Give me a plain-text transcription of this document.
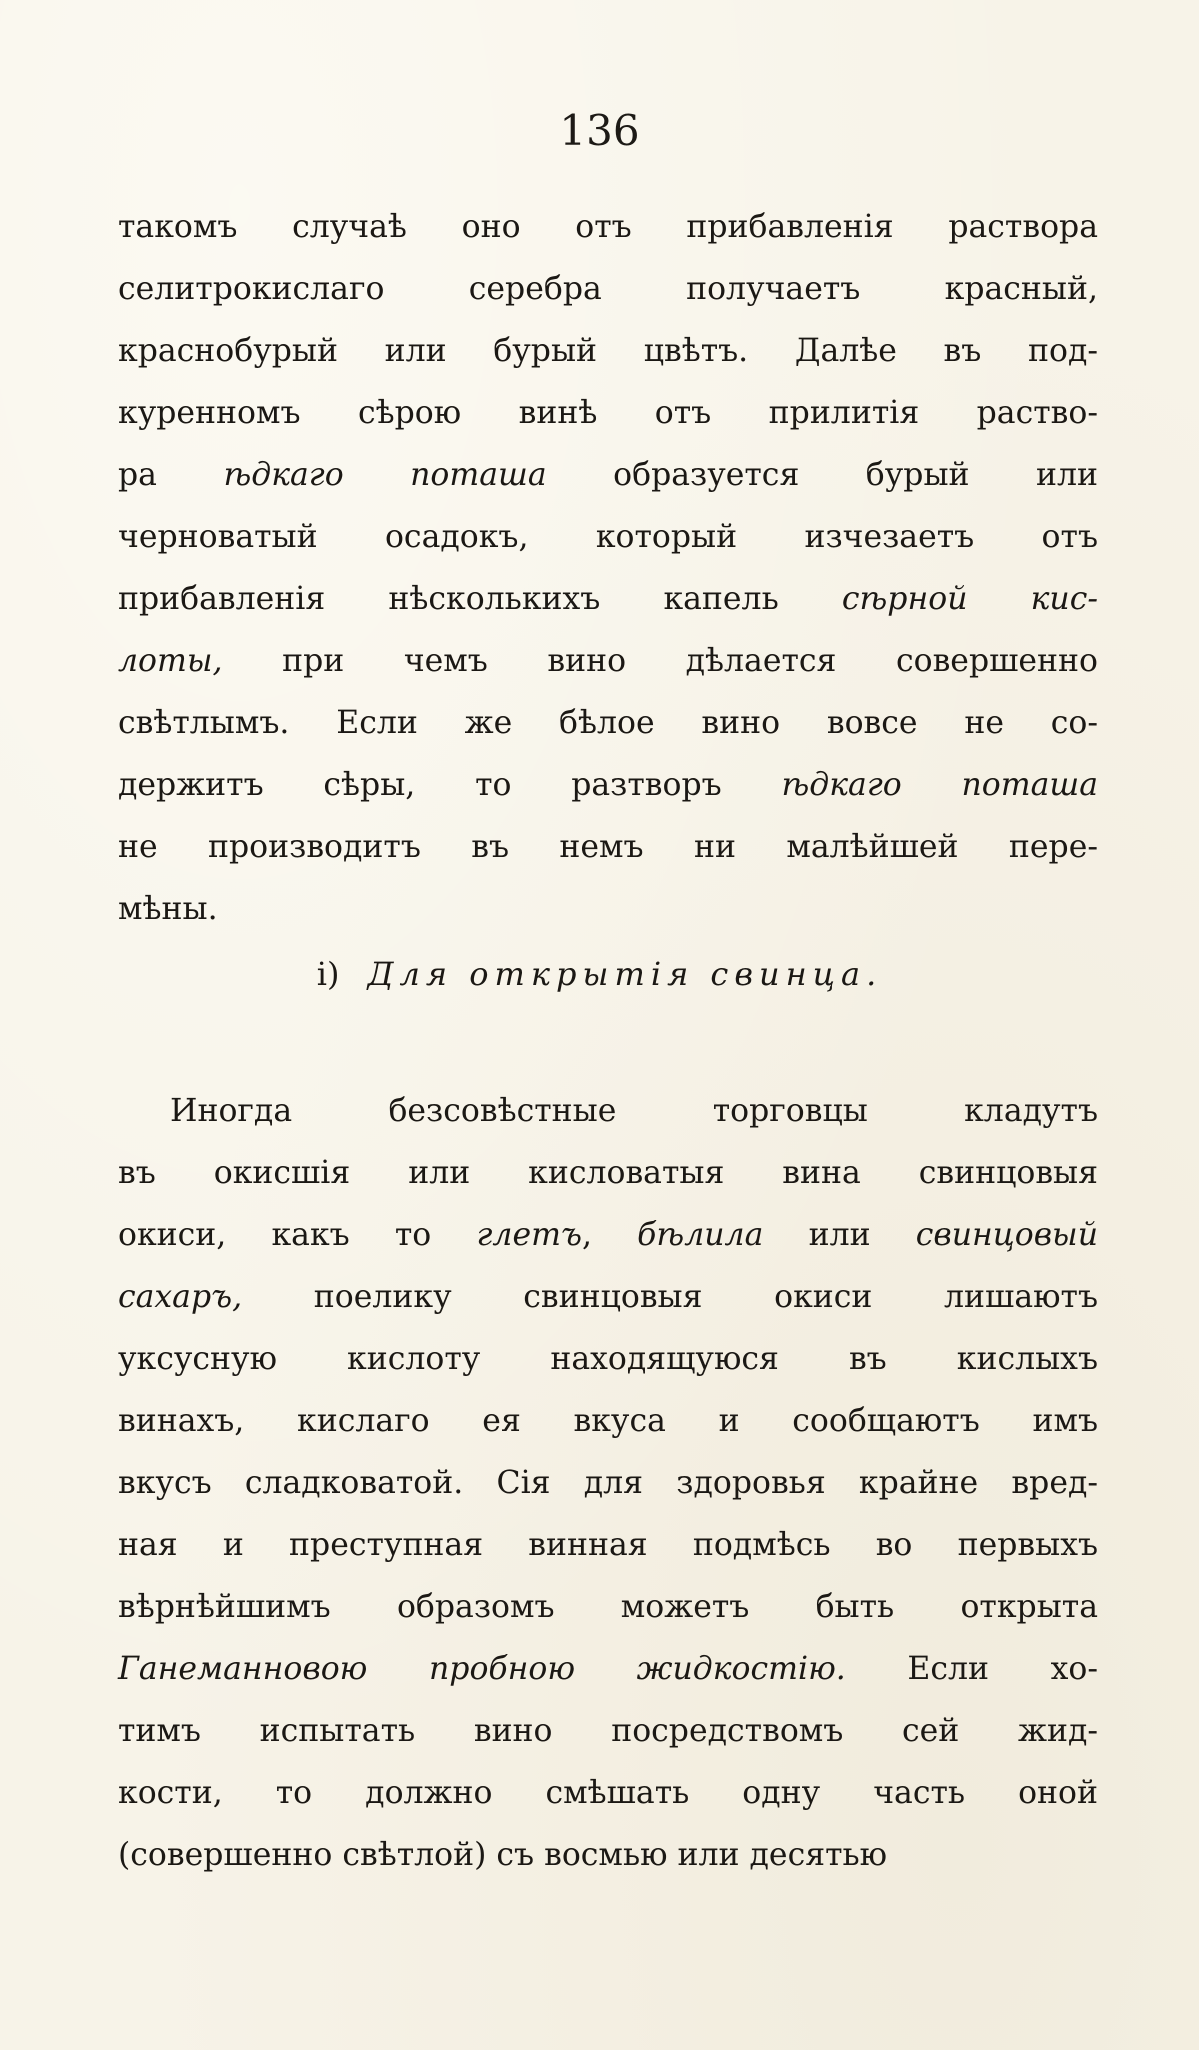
136
такомъ случаѣ оно отъ прибавленія раствора
селитрокислаго серебра получаетъ красный,
краснобурый или бурый цвѣтъ. Далѣе въ под-
куренномъ сѣрою винѣ отъ прилитія раство-
ра ѣдкаго поташа образуется бурый или
черноватый осадокъ, который изчезаетъ отъ
прибавленія нѣсколькихъ капель сѣрной кис-
лоты, при чемъ вино дѣлается совершенно
свѣтлымъ. Если же бѣлое вино вовсе не со-
держитъ сѣры, то разтворъ ѣдкаго поташа
не производитъ въ немъ ни малѣйшей пере-
мѣны.
i) Для открытія свинца.
Иногда безсовѣстные торговцы кладутъ
въ окисшія или кисловатыя вина свинцовыя
окиси, какъ то глетъ, бѣлила или свинцовый
сахаръ, поелику свинцовыя окиси лишаютъ
уксусную кислоту находящуюся въ кислыхъ
винахъ, кислаго ея вкуса и сообщаютъ имъ
вкусъ сладковатой. Сія для здоровья крайне вред-
ная и преступная винная подмѣсь во первыхъ
вѣрнѣйшимъ образомъ можетъ быть открыта
Ганеманновою пробною жидкостію. Если хо-
тимъ испытать вино посредствомъ сей жид-
кости, то должно смѣшать одну часть оной
(совершенно свѣтлой) съ восмью или десятью
